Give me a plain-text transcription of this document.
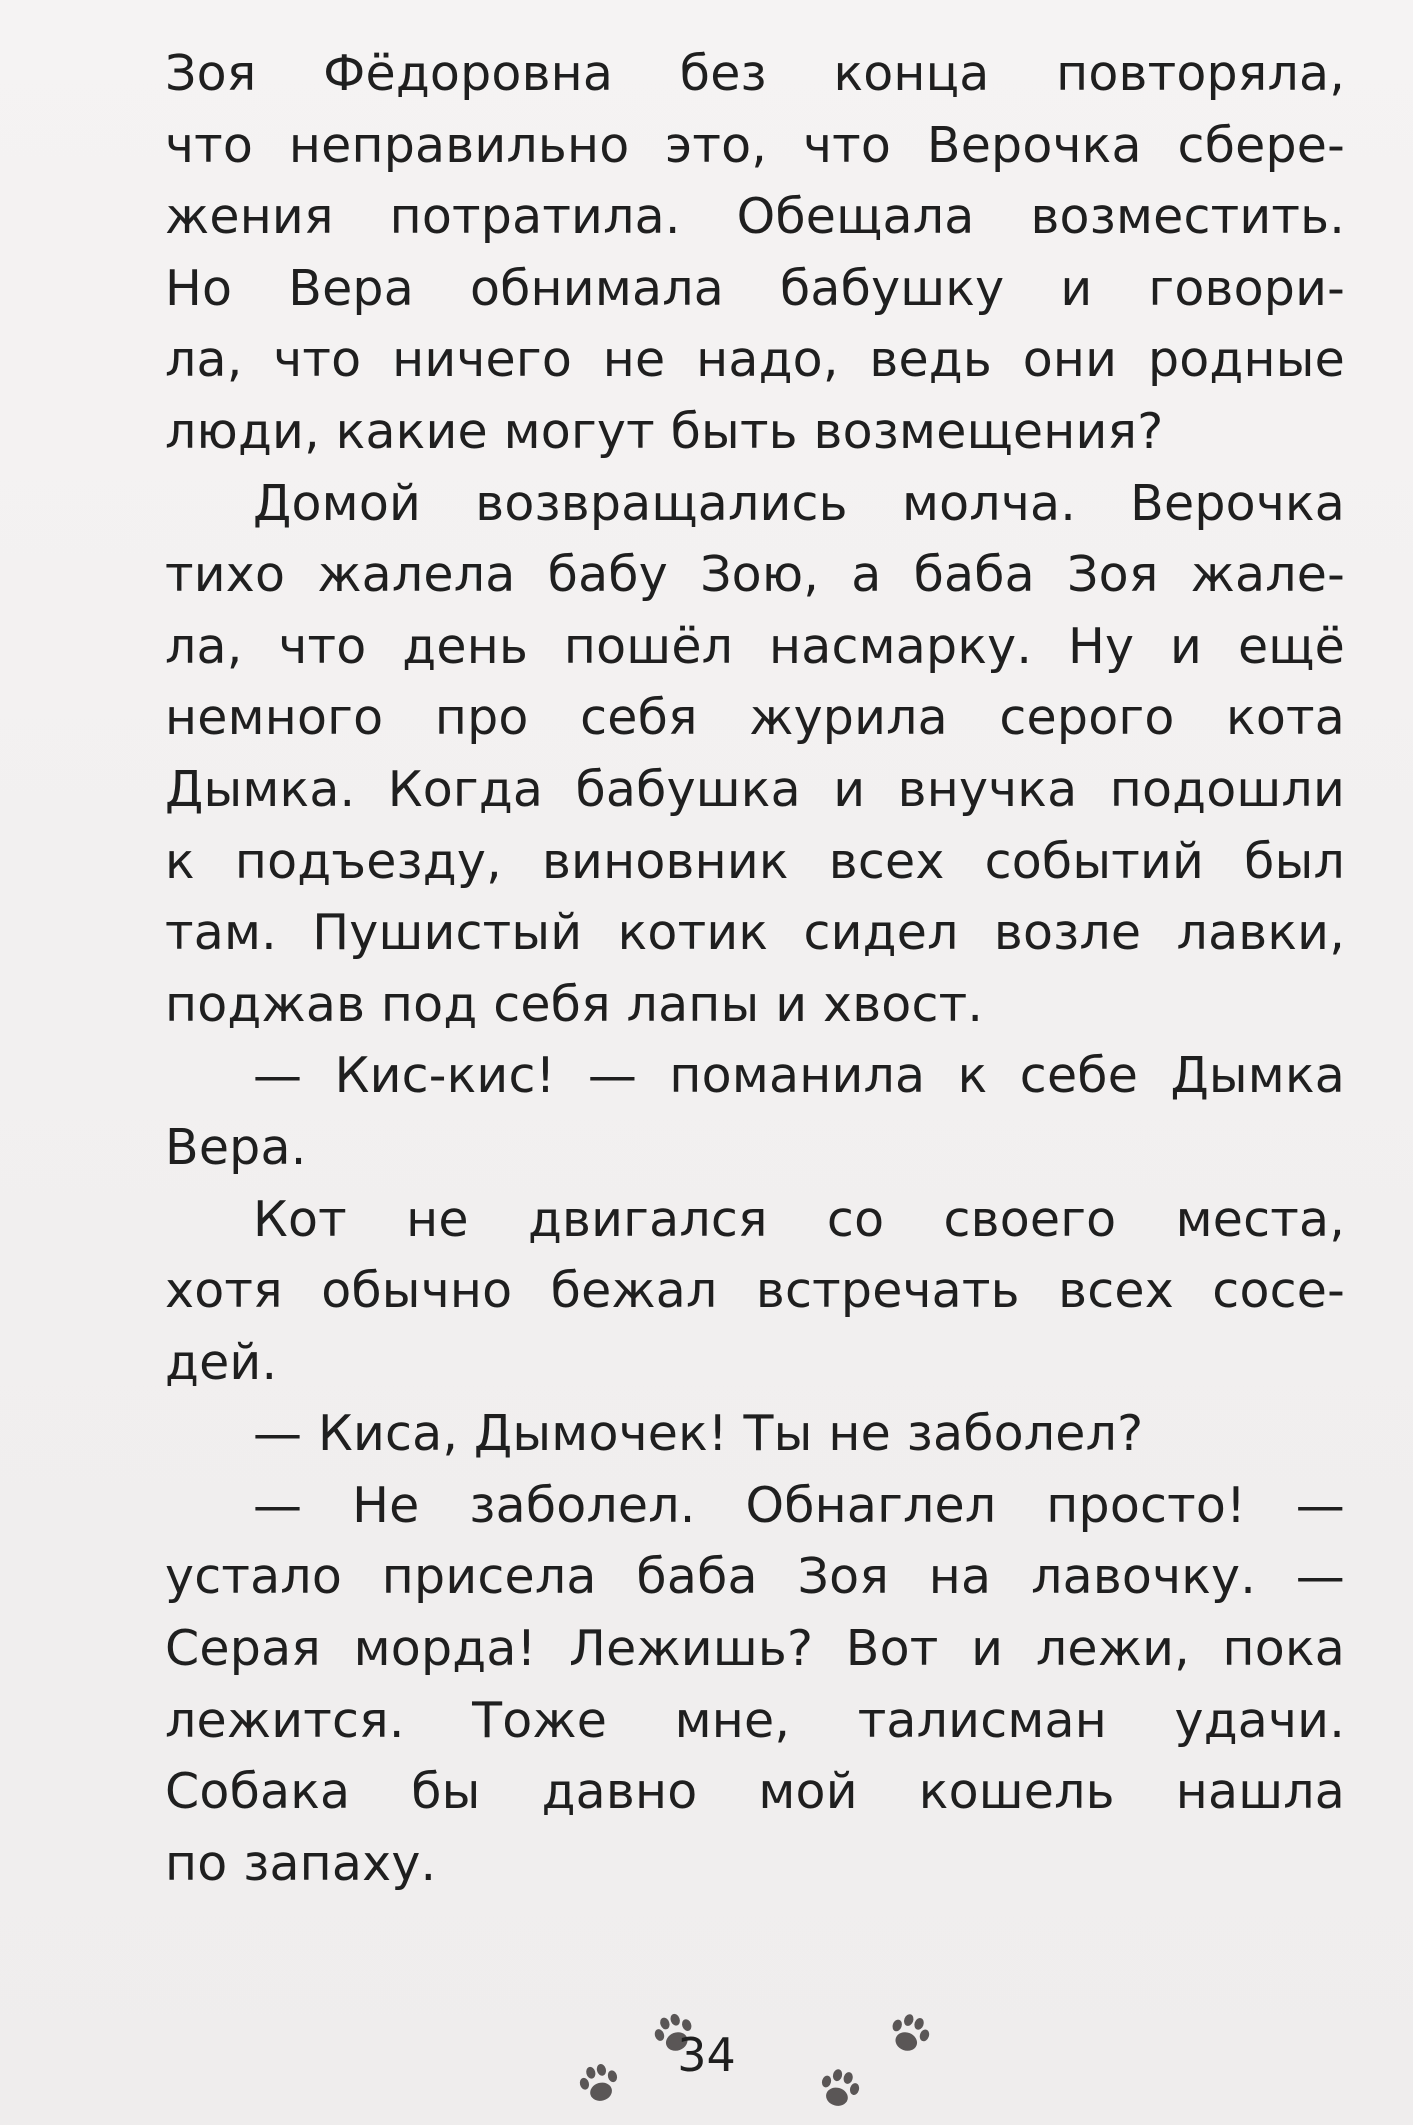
Зоя Фёдоровна без конца повторяла,
что неправильно это, что Верочка сбере-
жения потратила. Обещала возместить.
Но Вера обнимала бабушку и говори-
ла, что ничего не надо, ведь они родные
люди, какие могут быть возмещения?
Домой возвращались молча. Верочка
тихо жалела бабу Зою, а баба Зоя жале-
ла, что день пошёл насмарку. Ну и ещё
немного про себя журила серого кота
Дымка. Когда бабушка и внучка подошли
к подъезду, виновник всех событий был
там. Пушистый котик сидел возле лавки,
поджав под себя лапы и хвост.
— Кис-кис! — поманила к себе Дымка
Вера.
Кот не двигался со своего места,
хотя обычно бежал встречать всех сосе-
дей.
— Киса, Дымочек! Ты не заболел?
— Не заболел. Обнаглел просто! —
устало присела баба Зоя на лавочку. —
Серая морда! Лежишь? Вот и лежи, пока
лежится. Тоже мне, талисман удачи.
Собака бы давно мой кошель нашла
по запаху.
34
